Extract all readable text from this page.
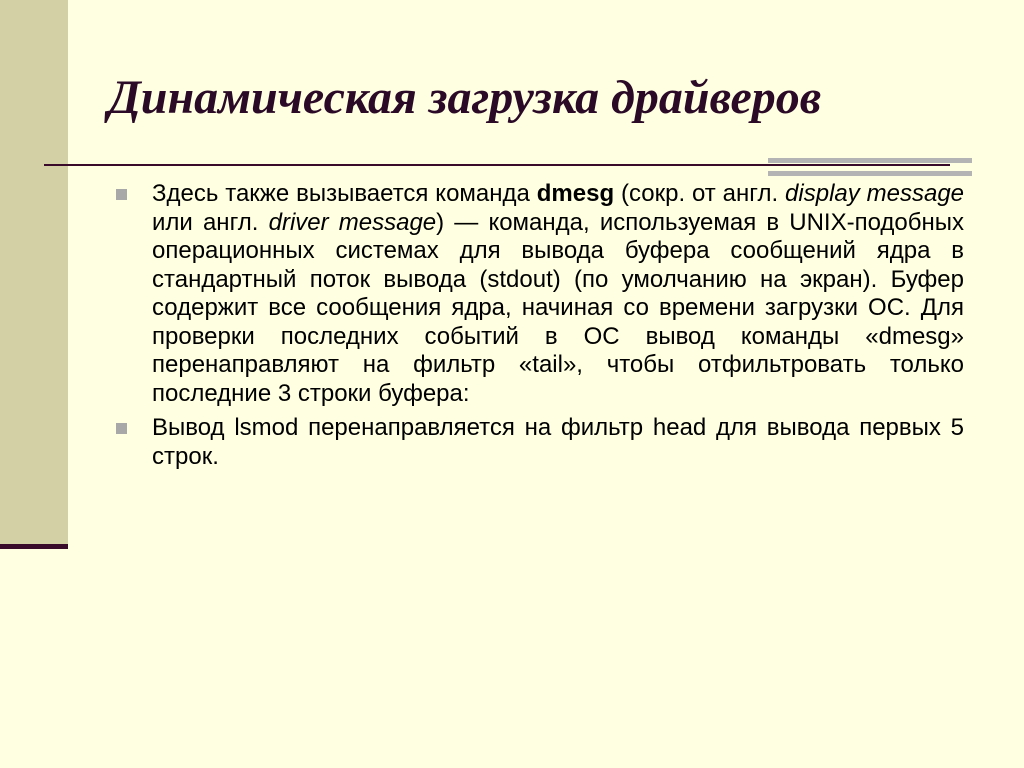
Динамическая загрузка драйверов
Здесь также вызывается команда dmesg (сокр. от англ. display message или англ. driver message) — команда, используемая в UNIX-подобных операционных системах для вывода буфера сообщений ядра в стандартный поток вывода (stdout) (по умолчанию на экран). Буфер содержит все сообщения ядра, начиная со времени загрузки ОС. Для проверки последних событий в ОС вывод команды «dmesg» перенаправляют на фильтр «tail», чтобы отфильтровать только последние 3 строки буфера:
Вывод lsmod перенаправляется на фильтр head для вывода первых 5 строк.
